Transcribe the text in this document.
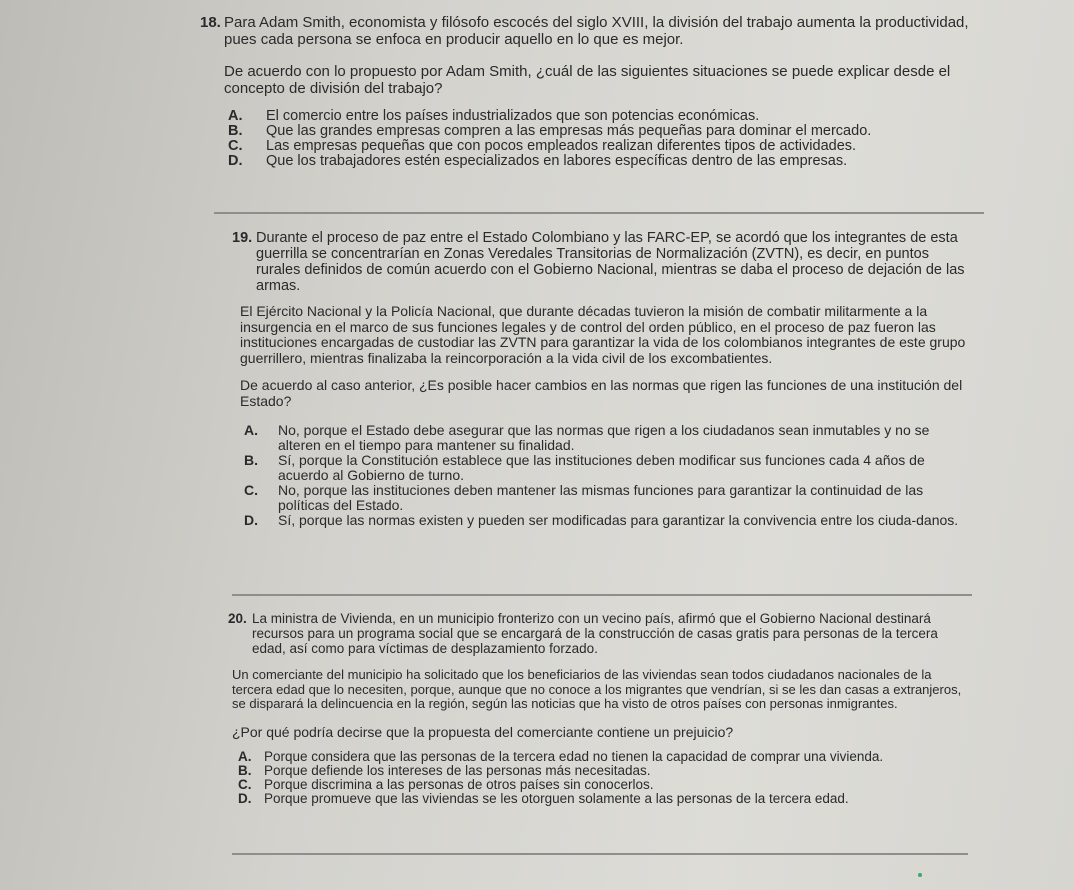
18. Para Adam Smith, economista y filósofo escocés del siglo XVIII, la división del trabajo aumenta la productividad, pues cada persona se enfoca en producir aquello en lo que es mejor.

De acuerdo con lo propuesto por Adam Smith, ¿cuál de las siguientes situaciones se puede explicar desde el concepto de división del trabajo?

A.	El comercio entre los países industrializados que son potencias económicas.
B.	Que las grandes empresas compren a las empresas más pequeñas para dominar el mercado.
C.	Las empresas pequeñas que con pocos empleados realizan diferentes tipos de actividades.
D.	Que los trabajadores estén especializados en labores específicas dentro de las empresas.

19. Durante el proceso de paz entre el Estado Colombiano y las FARC-EP, se acordó que los integrantes de esta guerrilla se concentrarían en Zonas Veredales Transitorias de Normalización (ZVTN), es decir, en puntos rurales definidos de común acuerdo con el Gobierno Nacional, mientras se daba el proceso de dejación de las armas.

El Ejército Nacional y la Policía Nacional, que durante décadas tuvieron la misión de combatir militarmente a la insurgencia en el marco de sus funciones legales y de control del orden público, en el proceso de paz fueron las instituciones encargadas de custodiar las ZVTN para garantizar la vida de los colombianos integrantes de este grupo guerrillero, mientras finalizaba la reincorporación a la vida civil de los excombatientes.

De acuerdo al caso anterior, ¿Es posible hacer cambios en las normas que rigen las funciones de una institución del Estado?

A.	No, porque el Estado debe asegurar que las normas que rigen a los ciudadanos sean inmutables y no se alteren en el tiempo para mantener su finalidad.
B.	Sí, porque la Constitución establece que las instituciones deben modificar sus funciones cada 4 años de acuerdo al Gobierno de turno.
C.	No, porque las instituciones deben mantener las mismas funciones para garantizar la continuidad de las políticas del Estado.
D.	Sí, porque las normas existen y pueden ser modificadas para garantizar la convivencia entre los ciuda-danos.

20. La ministra de Vivienda, en un municipio fronterizo con un vecino país, afirmó que el Gobierno Nacional destinará recursos para un programa social que se encargará de la construcción de casas gratis para personas de la tercera edad, así como para víctimas de desplazamiento forzado.

Un comerciante del municipio ha solicitado que los beneficiarios de las viviendas sean todos ciudadanos nacionales de la tercera edad que lo necesiten, porque, aunque que no conoce a los migrantes que vendrían, si se les dan casas a extranjeros, se disparará la delincuencia en la región, según las noticias que ha visto de otros países con personas inmigrantes.

¿Por qué podría decirse que la propuesta del comerciante contiene un prejuicio?

A. Porque considera que las personas de la tercera edad no tienen la capacidad de comprar una vivienda.
B. Porque defiende los intereses de las personas más necesitadas.
C. Porque discrimina a las personas de otros países sin conocerlos.
D. Porque promueve que las viviendas se les otorguen solamente a las personas de la tercera edad.
